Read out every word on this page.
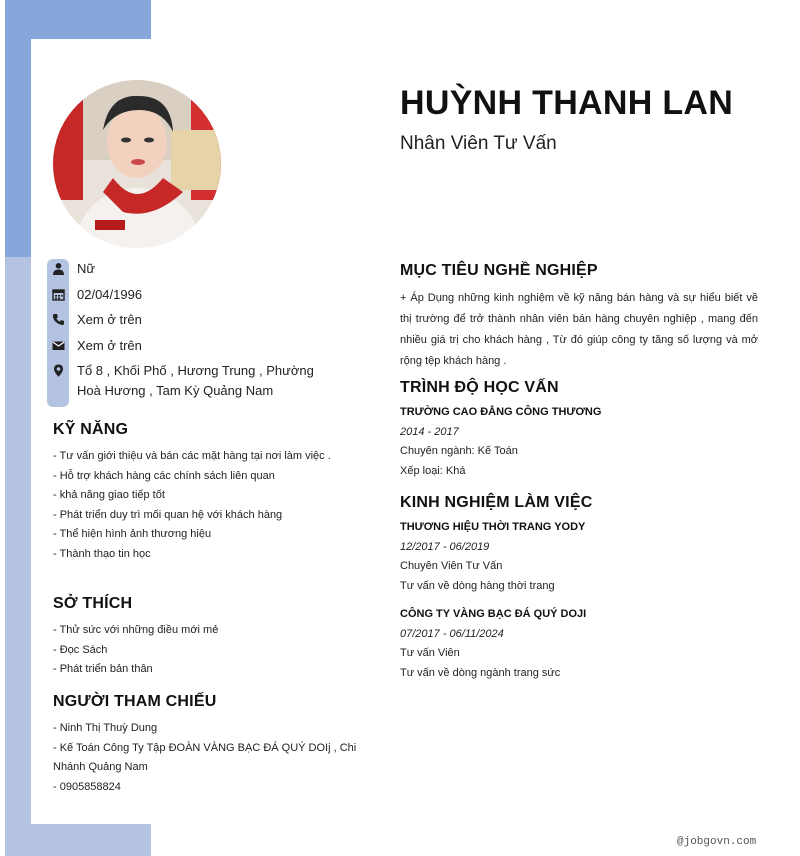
Nữ
02/04/1996
Xem ở trên
Xem ở trên
Tổ 8 , Khối Phố , Hương Trung , Phường Hoà Hương , Tam Kỳ Quảng Nam
KỸ NĂNG
- Tư vấn giới thiệu và bán các mặt hàng tại nơi làm việc .
- Hỗ trợ khách hàng các chính sách liên quan
- khả năng giao tiếp tốt
- Phát triển duy trì mối quan hệ với khách hàng
- Thể hiện hình ảnh thương hiệu
- Thành thạo tin học
SỞ THÍCH
- Thử sức với những điều mới mẻ
- Đọc Sách
- Phát triển bản thân
NGƯỜI THAM CHIẾU
- Ninh Thị Thuỳ Dung
- Kế Toán Công Ty Tập ĐOÀN VÀNG BẠC ĐÁ QUÝ DOIj , Chi Nhánh Quảng Nam
- 0905858824
HUỲNH THANH LAN
Nhân Viên Tư Vấn
MỤC TIÊU NGHỀ NGHIỆP
+ Áp Dụng những kinh nghiệm về kỹ năng bán hàng và sự hiểu biết về thị trường để trở thành nhân viên bán hàng chuyên nghiệp , mang đến nhiều giá trị cho khách hàng , Từ đó giúp công ty tăng số lượng và mở rộng tệp khách hàng .
TRÌNH ĐỘ HỌC VẤN
TRƯỜNG CAO ĐẲNG CÔNG THƯƠNG
2014 - 2017
Chuyên ngành: Kế Toán
Xếp loại: Khá
KINH NGHIỆM LÀM VIỆC
THƯƠNG HIỆU THỜI TRANG YODY
12/2017 - 06/2019
Chuyên Viên Tư Vấn
Tư vấn về dòng hàng thời trang
CÔNG TY VÀNG BẠC ĐÁ QUÝ DOJI
07/2017 - 06/11/2024
Tư vấn Viên
Tư vấn về dòng ngành trang sức
@jobgovn.com
